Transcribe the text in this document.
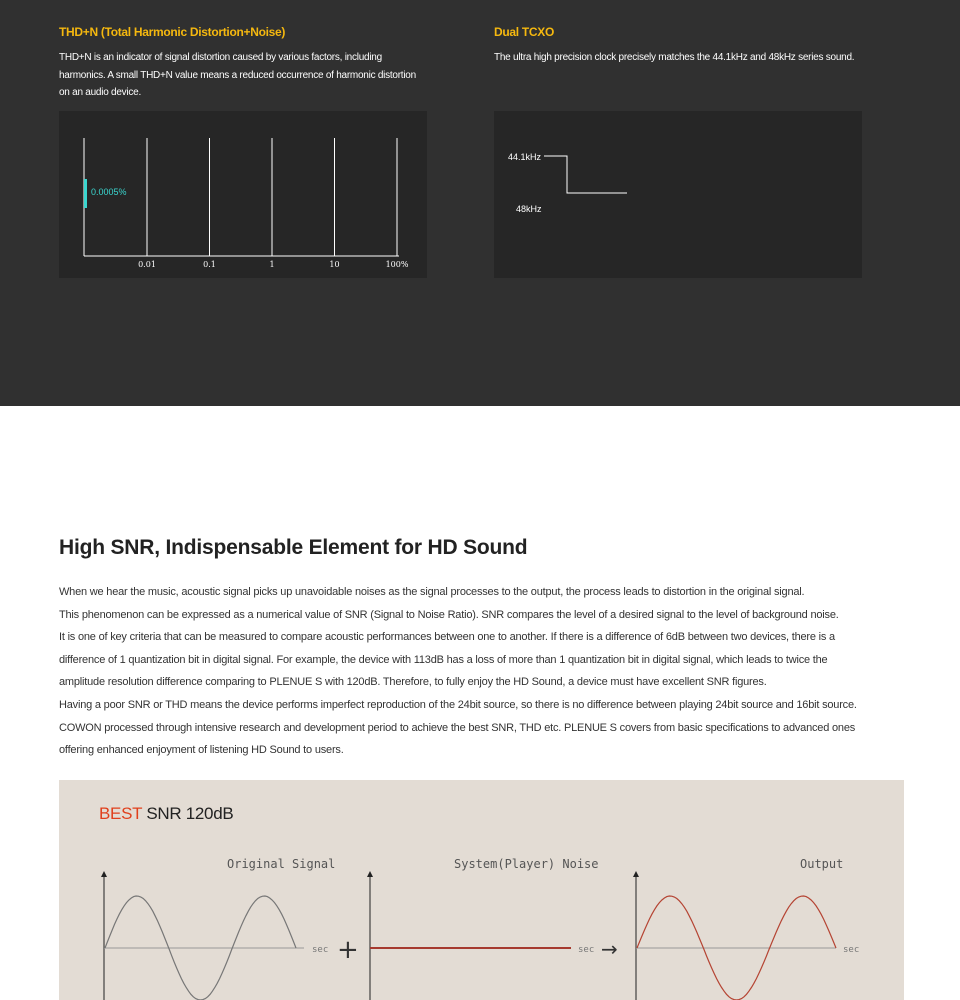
THD+N (Total Harmonic Distortion+Noise)
THD+N is an indicator of signal distortion caused by various factors, including harmonics. A small THD+N value means a reduced occurrence of harmonic distortion on an audio device.
Dual TCXO
The ultra high precision clock precisely matches the 44.1kHz and 48kHz series sound.
0.01	0.1	1	10	100%
0.0005%
44.1kHz
48kHz
High SNR, Indispensable Element for HD Sound
When we hear the music, acoustic signal picks up unavoidable noises as the signal processes to the output, the process leads to distortion in the original signal.
This phenomenon can be expressed as a numerical value of SNR (Signal to Noise Ratio). SNR compares the level of a desired signal to the level of background noise.
It is one of key criteria that can be measured to compare acoustic performances between one to another. If there is a difference of 6dB between two devices, there is a
difference of 1 quantization bit in digital signal. For example, the device with 113dB has a loss of more than 1 quantization bit in digital signal, which leads to twice the
amplitude resolution difference comparing to PLENUE S with 120dB. Therefore, to fully enjoy the HD Sound, a device must have excellent SNR figures.
Having a poor SNR or THD means the device performs imperfect reproduction of the 24bit source, so there is no difference between playing 24bit source and 16bit source.
COWON processed through intensive research and development period to achieve the best SNR, THD etc. PLENUE S covers from basic specifications to advanced ones
offering enhanced enjoyment of listening HD Sound to users.
BEST SNR 120dB
Original Signal	System(Player) Noise	Output
sec +	sec →	sec
